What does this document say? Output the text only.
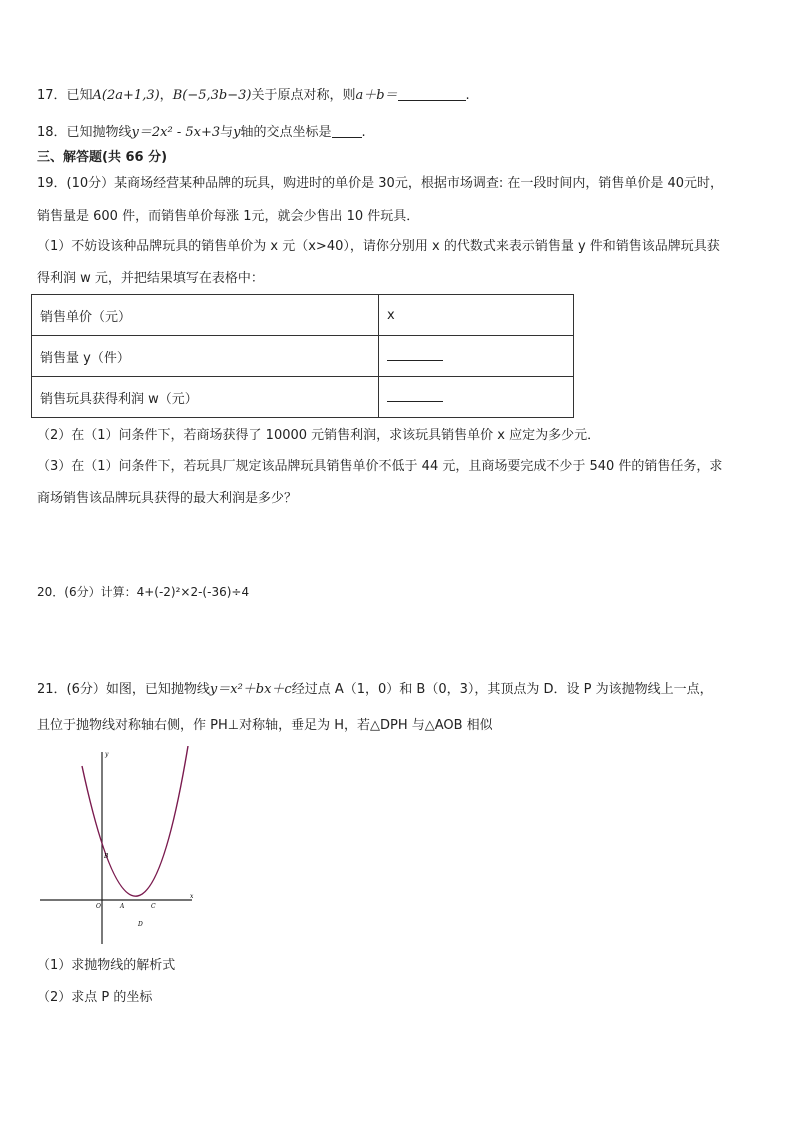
17．已知A(2a+1,3)，B(−5,3b−3)关于原点对称，则a＋b＝	.
18．已知抛物线y＝2x² - 5x+3与y轴的交点坐标是 .
三、解答题(共 66 分)
19．(10分）某商场经营某种品牌的玩具，购进时的单价是 30元，根据市场调查: 在一段时间内，销售单价是 40元时，
销售量是 600 件，而销售单价每涨 1元，就会少售出 10 件玩具．
（1）不妨设该种品牌玩具的销售单价为 x 元（x>40），请你分别用 x 的代数式来表示销售量 y 件和销售该品牌玩具获
得利润 w 元，并把结果填写在表格中：
销售单价（元）	x
销售量 y（件）	
销售玩具获得利润 w（元）	
（2）在（1）问条件下，若商场获得了 10000 元销售利润，求该玩具销售单价 x 应定为多少元．
（3）在（1）问条件下，若玩具厂规定该品牌玩具销售单价不低于 44 元，且商场要完成不少于 540 件的销售任务，求
商场销售该品牌玩具获得的最大利润是多少？
20．(6分）计算：4+(-2)²×2-(-36)÷4
21．(6分）如图，已知抛物线y＝x²＋bx＋c经过点 A（1，0）和 B（0，3），其顶点为 D．设 P 为该抛物线上一点，
且位于抛物线对称轴右侧，作 PH⊥对称轴，垂足为 H，若△DPH 与△AOB 相似
y
x
O	A
B
C
D
（1）求抛物线的解析式
（2）求点 P 的坐标
